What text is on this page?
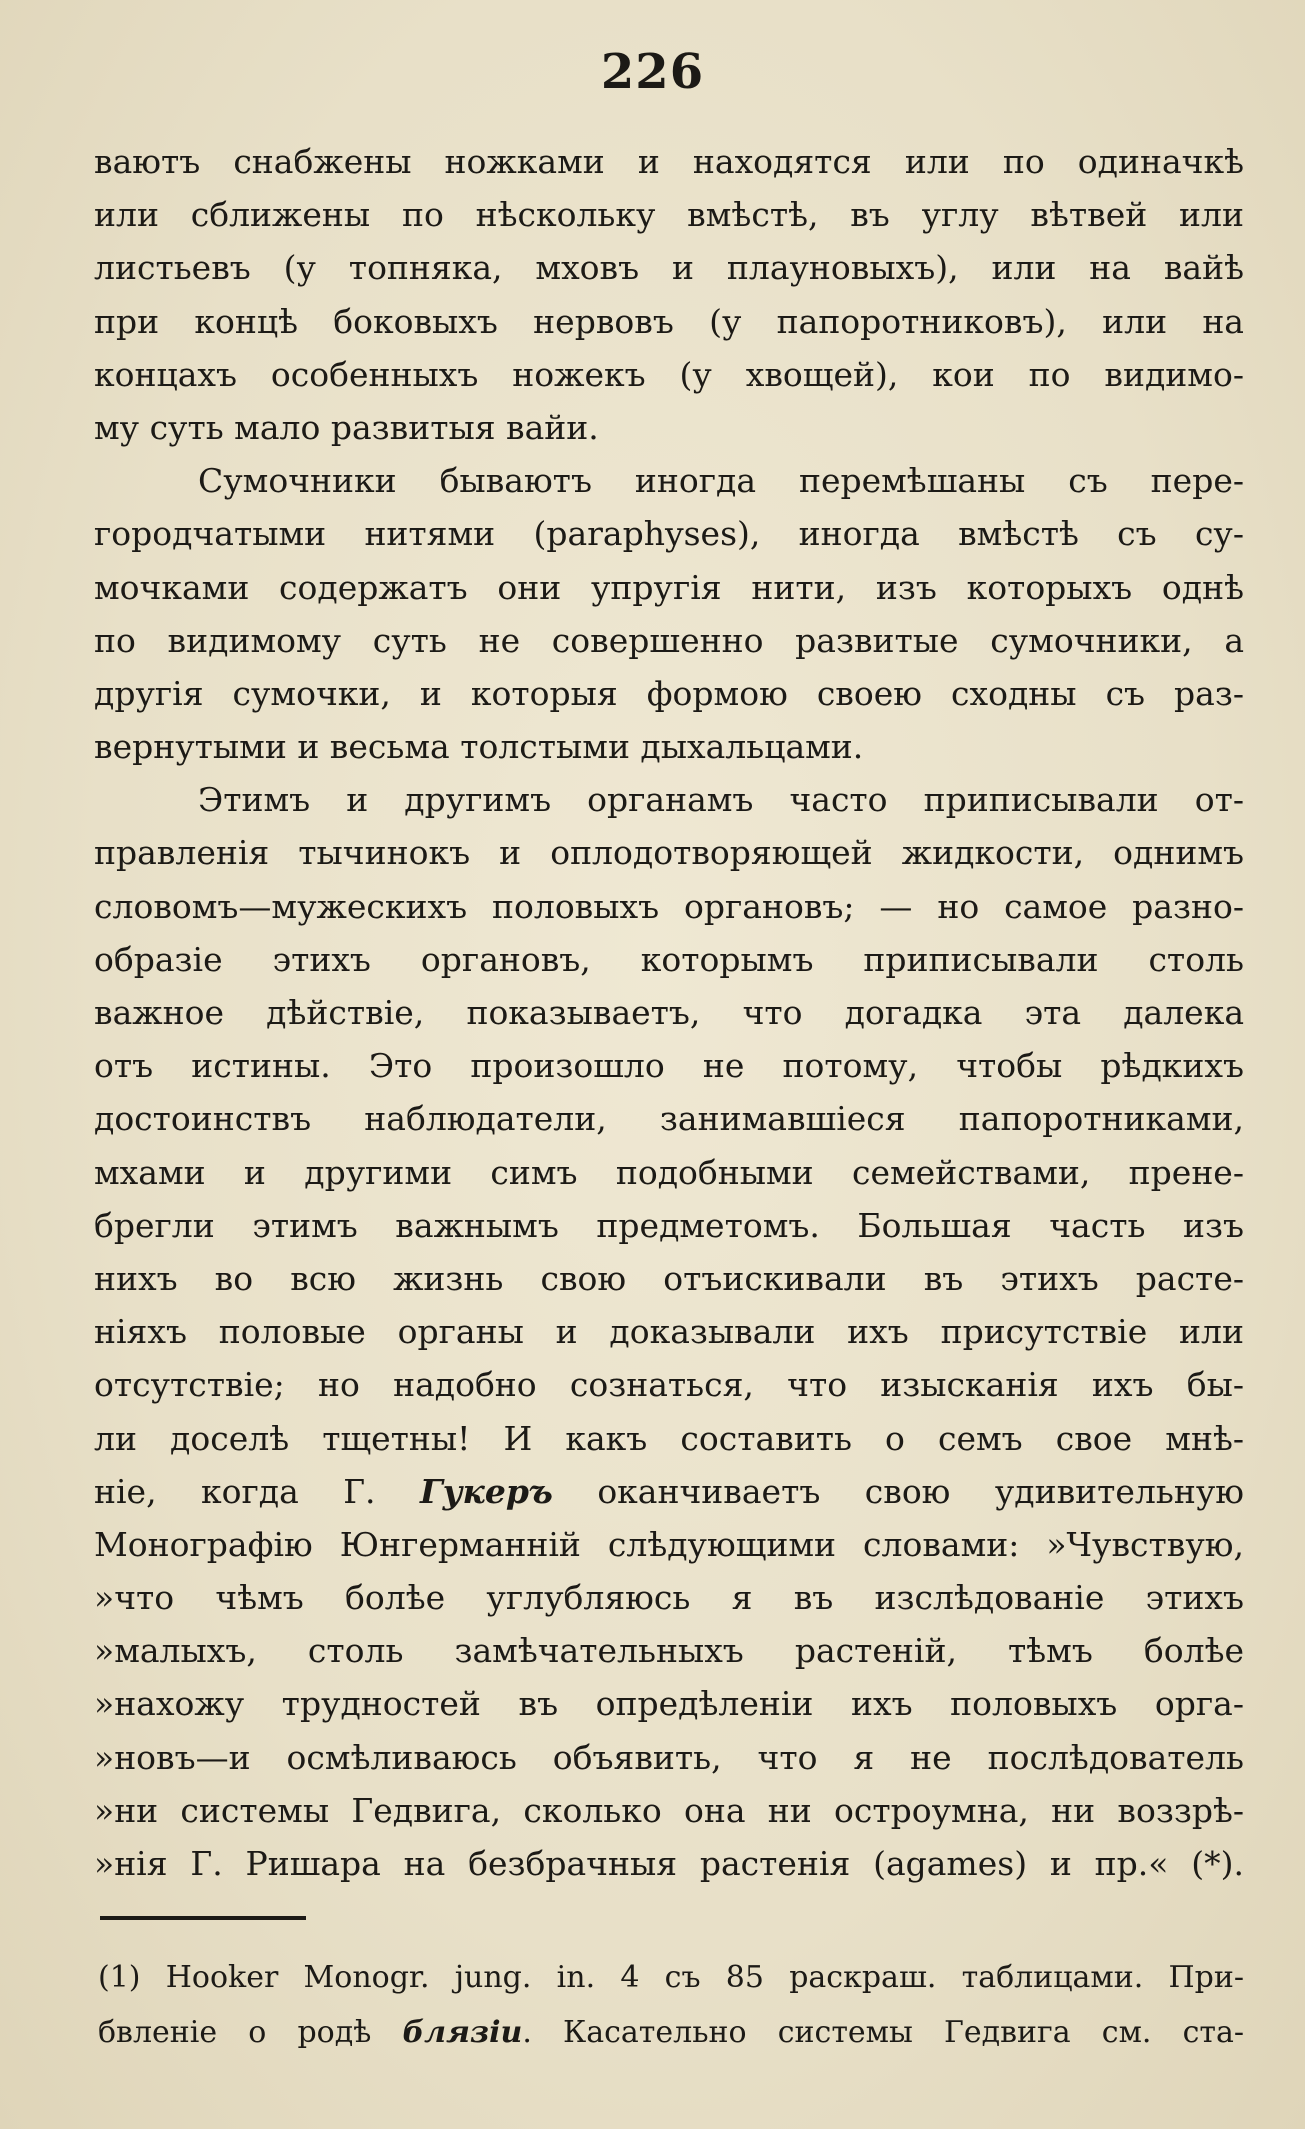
226
ваютъ снабжены ножками и находятся или по одиначкѣ
или сближены по нѣскольку вмѣстѣ, въ углу вѣтвей или
листьевъ (у топняка, мховъ и плауновыхъ), или на вайѣ
при концѣ боковыхъ нервовъ (у папоротниковъ), или на
концахъ особенныхъ ножекъ (у хвощей), кои по видимо-
му суть мало развитыя вайи.
Сумочники бываютъ иногда перемѣшаны съ пере-
городчатыми нитями (paraphyses), иногда вмѣстѣ съ су-
мочками содержатъ они упругія нити, изъ которыхъ однѣ
по видимому суть не совершенно развитые сумочники, а
другія сумочки, и которыя формою своею сходны съ раз-
вернутыми и весьма толстыми дыхальцами.
Этимъ и другимъ органамъ часто приписывали от-
правленія тычинокъ и оплодотворяющей жидкости, однимъ
словомъ—мужескихъ половыхъ органовъ; — но самое разно-
образіе этихъ органовъ, которымъ приписывали столь
важное дѣйствіе, показываетъ, что догадка эта далека
отъ истины. Это произошло не потому, чтобы рѣдкихъ
достоинствъ наблюдатели, занимавшіеся папоротниками,
мхами и другими симъ подобными семействами, прене-
брегли этимъ важнымъ предметомъ. Большая часть изъ
нихъ во всю жизнь свою отъискивали въ этихъ расте-
ніяхъ половые органы и доказывали ихъ присутствіе или
отсутствіе; но надобно сознаться, что изысканія ихъ бы-
ли доселѣ тщетны! И какъ составить о семъ свое мнѣ-
ніе, когда Г. Гукеръ оканчиваетъ свою удивительную
Монографію Юнгерманній слѣдующими словами: »Чувствую,
»что чѣмъ болѣе углубляюсь я въ изслѣдованіе этихъ
»малыхъ, столь замѣчательныхъ растеній, тѣмъ болѣе
»нахожу трудностей въ опредѣленіи ихъ половыхъ орга-
»новъ—и осмѣливаюсь объявить, что я не послѣдователь
»ни системы Гедвига, сколько она ни остроумна, ни воззрѣ-
»нія Г. Ришара на безбрачныя растенія (agames) и пр.« (*).
(1) Hooker Monogr. jung. in. 4 съ 85 раскраш. таблицами. При-
бвленіе о родѣ блязіи. Касательно системы Гедвига см. ста-
